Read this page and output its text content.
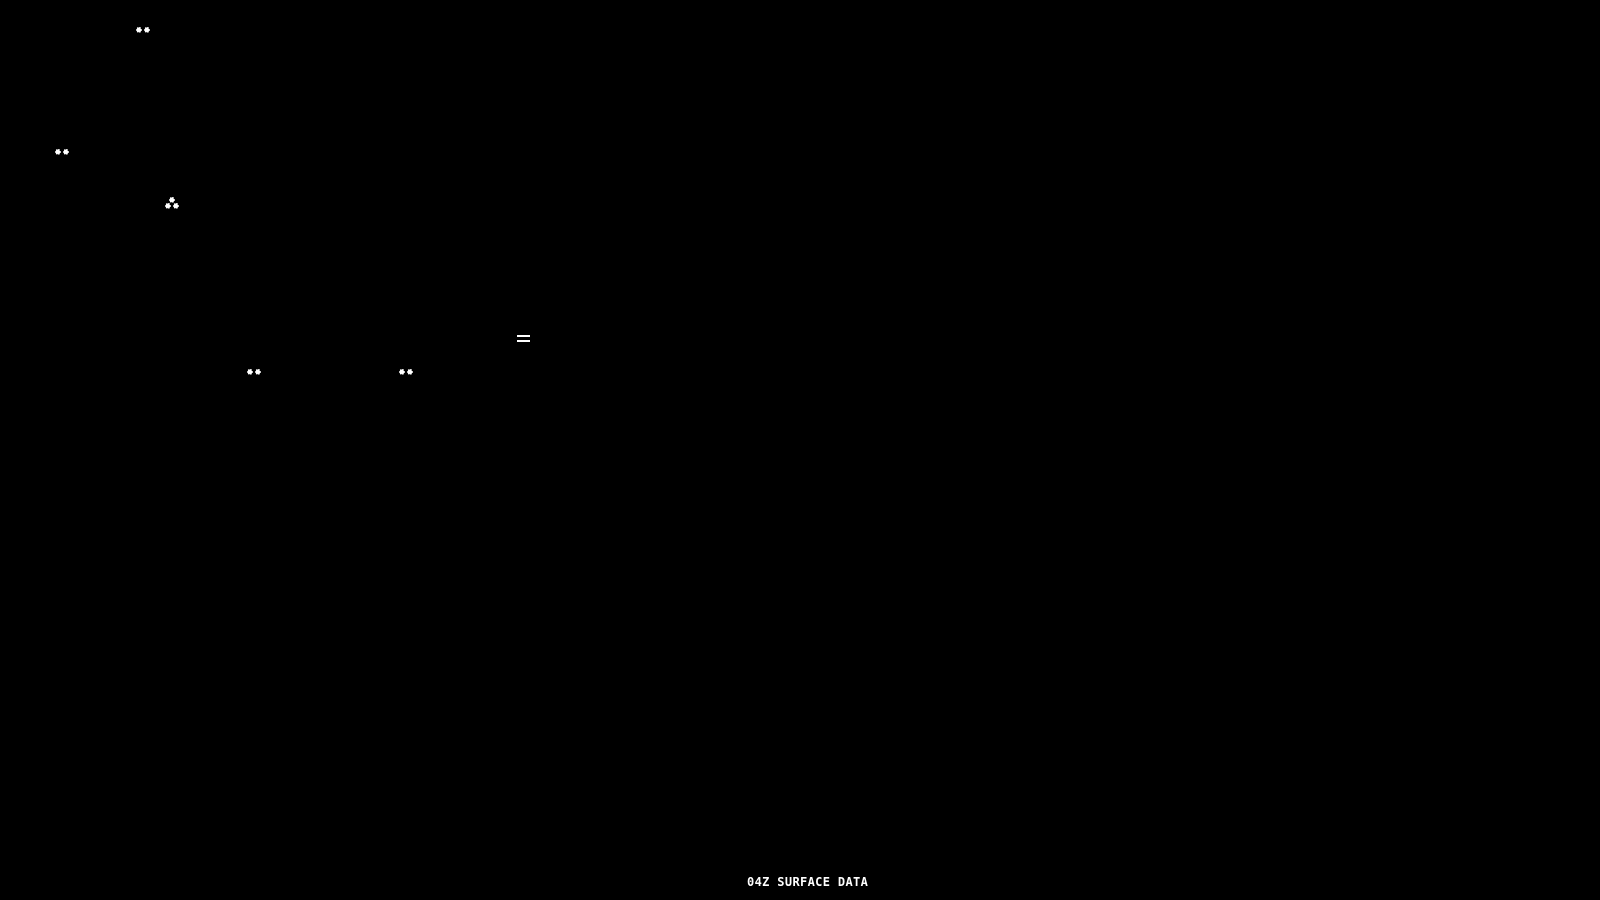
04Z SURFACE DATA
